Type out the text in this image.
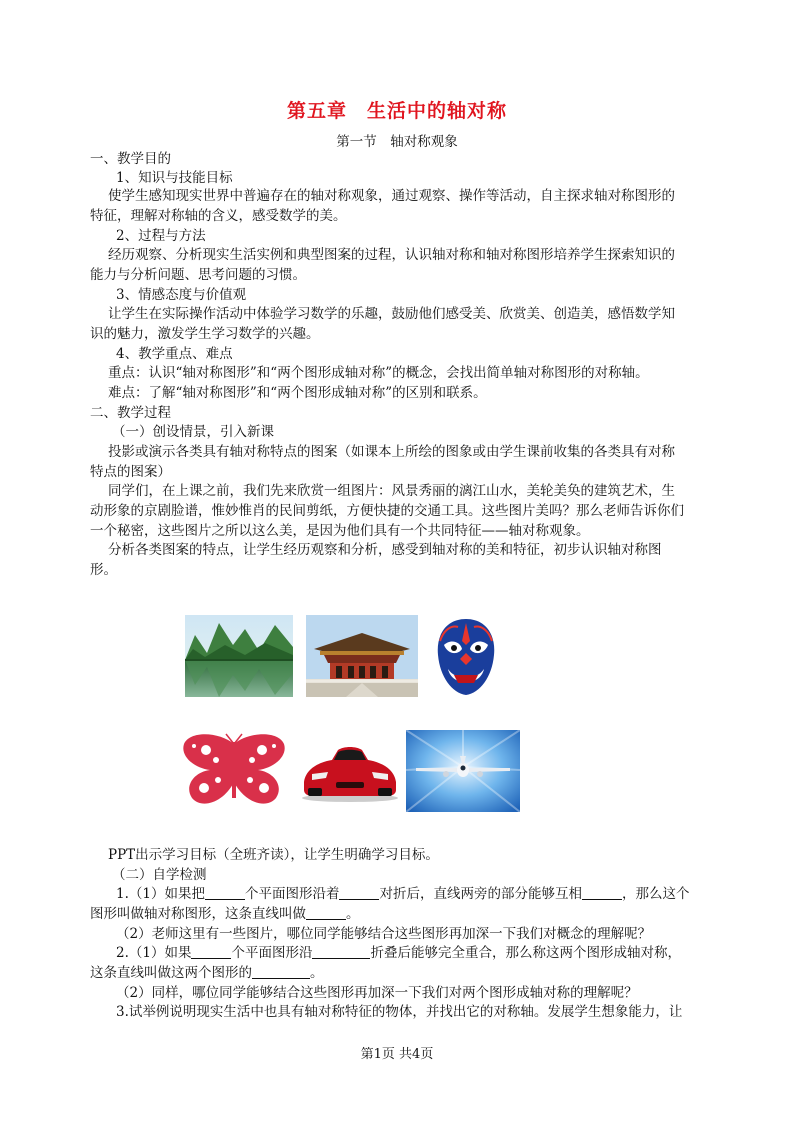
第五章　生活中的轴对称
第一节　轴对称观象
一、教学目的
1、知识与技能目标
使学生感知现实世界中普遍存在的轴对称观象，通过观察、操作等活动，自主探求轴对称图形的
特征，理解对称轴的含义，感受数学的美。
2、过程与方法
经历观察、分析现实生活实例和典型图案的过程，认识轴对称和轴对称图形培养学生探索知识的
能力与分析问题、思考问题的习惯。
3、情感态度与价值观
让学生在实际操作活动中体验学习数学的乐趣，鼓励他们感受美、欣赏美、创造美，感悟数学知
识的魅力，激发学生学习数学的兴趣。
4、教学重点、难点
重点：认识“轴对称图形”和“两个图形成轴对称”的概念，会找出简单轴对称图形的对称轴。
难点：了解“轴对称图形”和“两个图形成轴对称”的区别和联系。
二、教学过程
（一）创设情景，引入新课
投影或演示各类具有轴对称特点的图案（如课本上所绘的图象或由学生课前收集的各类具有对称
特点的图案）
同学们，在上课之前，我们先来欣赏一组图片：风景秀丽的漓江山水，美轮美奂的建筑艺术，生
动形象的京剧脸谱，惟妙惟肖的民间剪纸，方便快捷的交通工具。这些图片美吗？那么老师告诉你们
一个秘密，这些图片之所以这么美，是因为他们具有一个共同特征——轴对称观象。
分析各类图案的特点，让学生经历观察和分析，感受到轴对称的美和特征，初步认识轴对称图
形。
PPT出示学习目标（全班齐读），让学生明确学习目标。
（二）自学检测
1.（1）如果把	个平面图形沿着	对折后，直线两旁的部分能够互相	，那么这个
图形叫做轴对称图形，这条直线叫做	。
（2）老师这里有一些图片，哪位同学能够结合这些图形再加深一下我们对概念的理解呢？
2.（1）如果	个平面图形沿	折叠后能够完全重合，那么称这两个图形成轴对称，
这条直线叫做这两个图形的	。
（2）同样，哪位同学能够结合这些图形再加深一下我们对两个图形成轴对称的理解呢？
3.试举例说明现实生活中也具有轴对称特征的物体，并找出它的对称轴。发展学生想象能力，让
第1页 共4页
